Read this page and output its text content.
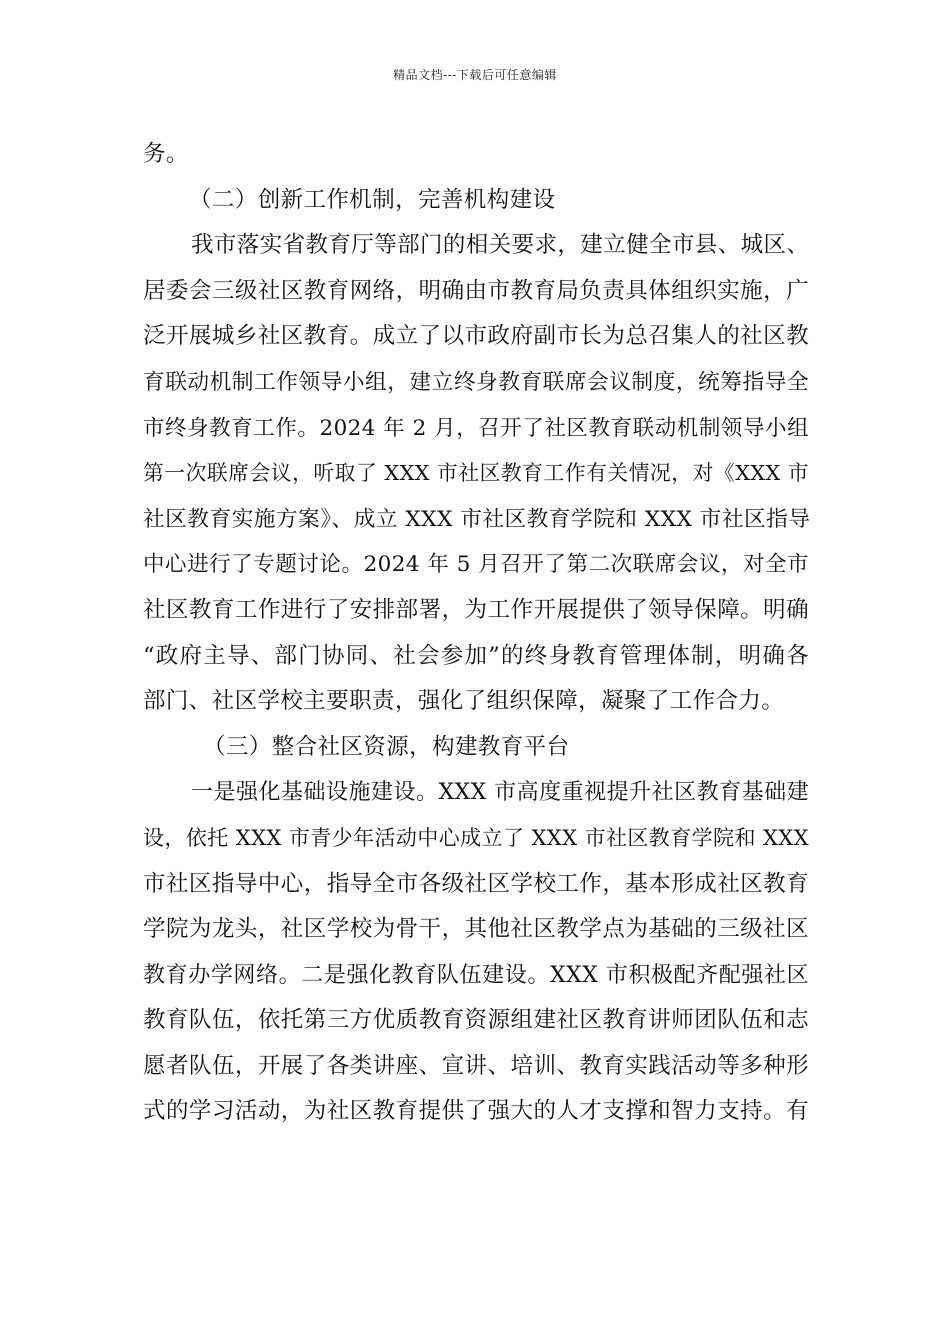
精品文档---下载后可任意编辑
务。
（二）创新工作机制，完善机构建设
我市落实省教育厅等部门的相关要求，建立健全市县、城区、
居委会三级社区教育网络，明确由市教育局负责具体组织实施，广
泛开展城乡社区教育。成立了以市政府副市长为总召集人的社区教
育联动机制工作领导小组，建立终身教育联席会议制度，统筹指导全
市终身教育工作。2024 年 2 月，召开了社区教育联动机制领导小组
第一次联席会议，听取了 XXX 市社区教育工作有关情况，对《XXX 市
社区教育实施方案》、成立 XXX 市社区教育学院和 XXX 市社区指导
中心进行了专题讨论。2024 年 5 月召开了第二次联席会议，对全市
社区教育工作进行了安排部署，为工作开展提供了领导保障。明确
“政府主导、部门协同、社会参加”的终身教育管理体制，明确各
部门、社区学校主要职责，强化了组织保障，凝聚了工作合力。
（三）整合社区资源，构建教育平台
一是强化基础设施建设。XXX 市高度重视提升社区教育基础建
设，依托 XXX 市青少年活动中心成立了 XXX 市社区教育学院和 XXX
市社区指导中心，指导全市各级社区学校工作，基本形成社区教育
学院为龙头，社区学校为骨干，其他社区教学点为基础的三级社区
教育办学网络。二是强化教育队伍建设。XXX 市积极配齐配强社区
教育队伍，依托第三方优质教育资源组建社区教育讲师团队伍和志
愿者队伍，开展了各类讲座、宣讲、培训、教育实践活动等多种形
式的学习活动，为社区教育提供了强大的人才支撑和智力支持。有
